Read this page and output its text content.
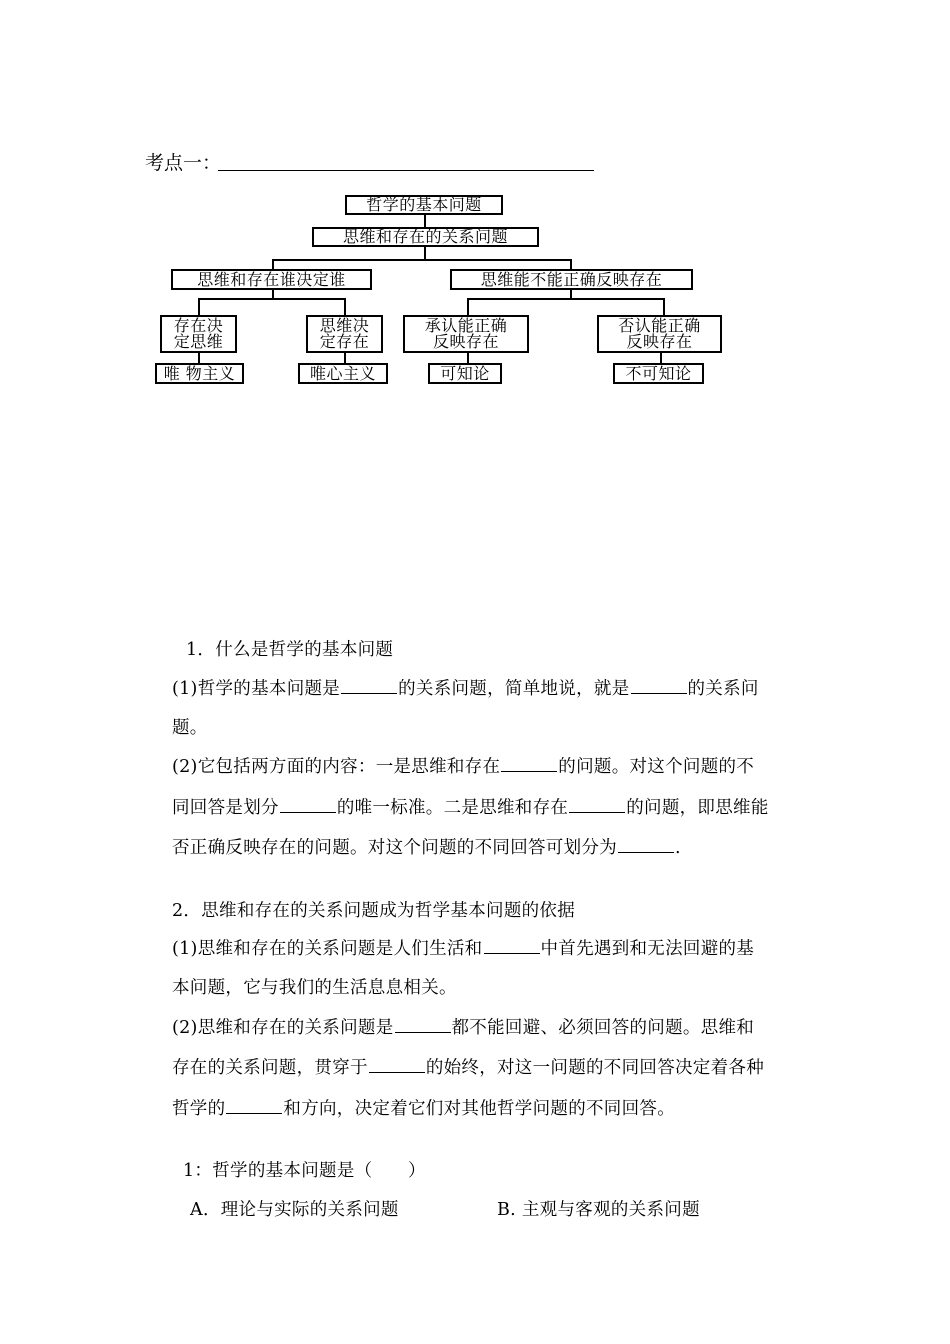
考点一：
哲学的基本问题
思维和存在的关系问题
思维和存在谁决定谁	思维能不能正确反映存在
存在决
定思维
思维决
定存在
承认能正确
反映存在
否认能正确
反映存在
唯 物主义	唯心主义	可知论	不可知论
1．什么是哲学的基本问题
(1)哲学的基本问题是	的关系问题，简单地说，就是	的关系问
题。
(2)它包括两方面的内容：一是思维和存在	的问题。对这个问题的不
同回答是划分	的唯一标准。二是思维和存在	的问题，即思维能
否正确反映存在的问题。对这个问题的不同回答可划分为	.
2．思维和存在的关系问题成为哲学基本问题的依据
(1)思维和存在的关系问题是人们生活和	中首先遇到和无法回避的基
本问题，它与我们的生活息息相关。
(2)思维和存在的关系问题是	都不能回避、必须回答的问题。思维和
存在的关系问题，贯穿于	的始终，对这一问题的不同回答决定着各种
哲学的	和方向，决定着它们对其他哲学问题的不同回答。
1：哲学的基本问题是（　　）
A．理论与实际的关系问题	B. 主观与客观的关系问题
